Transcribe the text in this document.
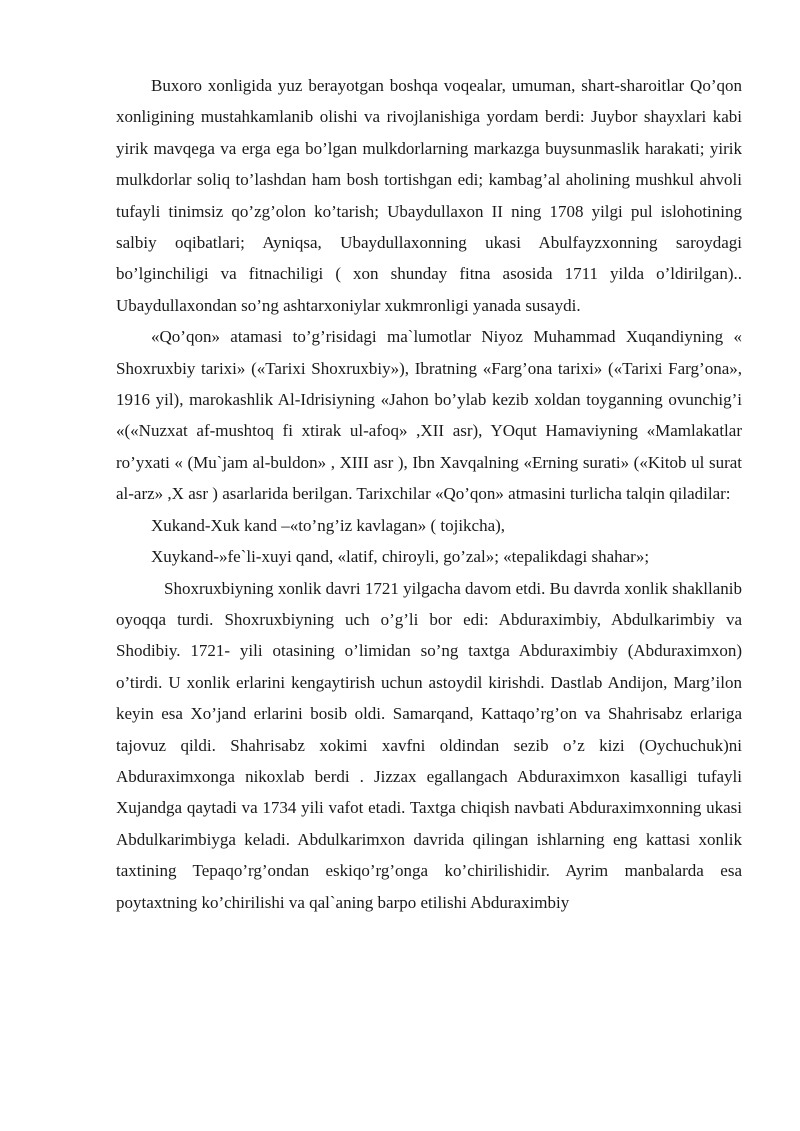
Buxoro xonligida yuz berayotgan boshqa voqealar, umuman, shart-sharoitlar Qo’qon xonligining mustahkamlanib olishi va rivojlanishiga yordam berdi: Juybor shayxlari kabi yirik mavqega va erga ega bo’lgan mulkdorlarning markazga buysunmaslik harakati; yirik mulkdorlar soliq to’lashdan ham bosh tortishgan edi; kambag’al aholining mushkul ahvoli tufayli tinimsiz qo’zg’olon ko’tarish; Ubaydullaxon II ning 1708 yilgi pul islohotining salbiy oqibatlari; Ayniqsa, Ubaydullaxonning ukasi Abulfayzxonning saroydagi bo’lginchiligi va fitnachiligi ( xon shunday fitna asosida 1711 yilda o’ldirilgan).. Ubaydullaxondan so’ng ashtarxoniylar xukmronligi yanada susaydi.

«Qo’qon» atamasi to’g’risidagi ma`lumotlar Niyoz Muhammad Xuqandiyning « Shoxruxbiy tarixi» («Tarixi Shoxruxbiy»), Ibratning «Farg’ona tarixi» («Tarixi Farg’ona», 1916 yil), marokashlik Al-Idrisiyning «Jahon bo’ylab kezib xoldan toyganning ovunchig’i «(«Nuzxat af-mushtoq fi xtirak ul-afoq» ,XII asr), YOqut Hamaviyning «Mamlakatlar ro’yxati « (Mu`jam al-buldon» , XIII asr ), Ibn Xavqalning «Erning surati» («Kitob ul surat al-arz» ,X asr ) asarlarida berilgan. Tarixchilar «Qo’qon» atmasini turlicha talqin qiladilar:

Xukand-Xuk kand –«to’ng’iz kavlagan» ( tojikcha),

Xuykand-»fe`li-xuyi qand, «latif, chiroyli, go’zal»; «tepalikdagi shahar»;

Shoxruxbiyning xonlik davri 1721 yilgacha davom etdi. Bu davrda xonlik shakllanib oyoqqa turdi. Shoxruxbiyning uch o’g’li bor edi: Abduraximbiy, Abdulkarimbiy va Shodibiy. 1721- yili otasining o’limidan so’ng taxtga Abduraximbiy (Abduraximxon) o’tirdi. U xonlik erlarini kengaytirish uchun astoydil kirishdi. Dastlab Andijon, Marg’ilon keyin esa Xo’jand erlarini bosib oldi. Samarqand, Kattaqo’rg’on va Shahrisabz erlariga tajovuz qildi. Shahrisabz xokimi xavfni oldindan sezib o’z kizi (Oychuchuk)ni Abduraximxonga nikoxlab berdi . Jizzax egallangach Abduraximxon kasalligi tufayli Xujandga qaytadi va 1734 yili vafot etadi. Taxtga chiqish navbati Abduraximxonning ukasi Abdulkarimbiyga keladi. Abdulkarimxon davrida qilingan ishlarning eng kattasi xonlik taxtining Tepaqo’rg’ondan eskiqo’rg’onga ko’chirilishidir. Ayrim manbalarda esa poytaxtning ko’chirilishi va qal`aning barpo etilishi Abduraximbiy
